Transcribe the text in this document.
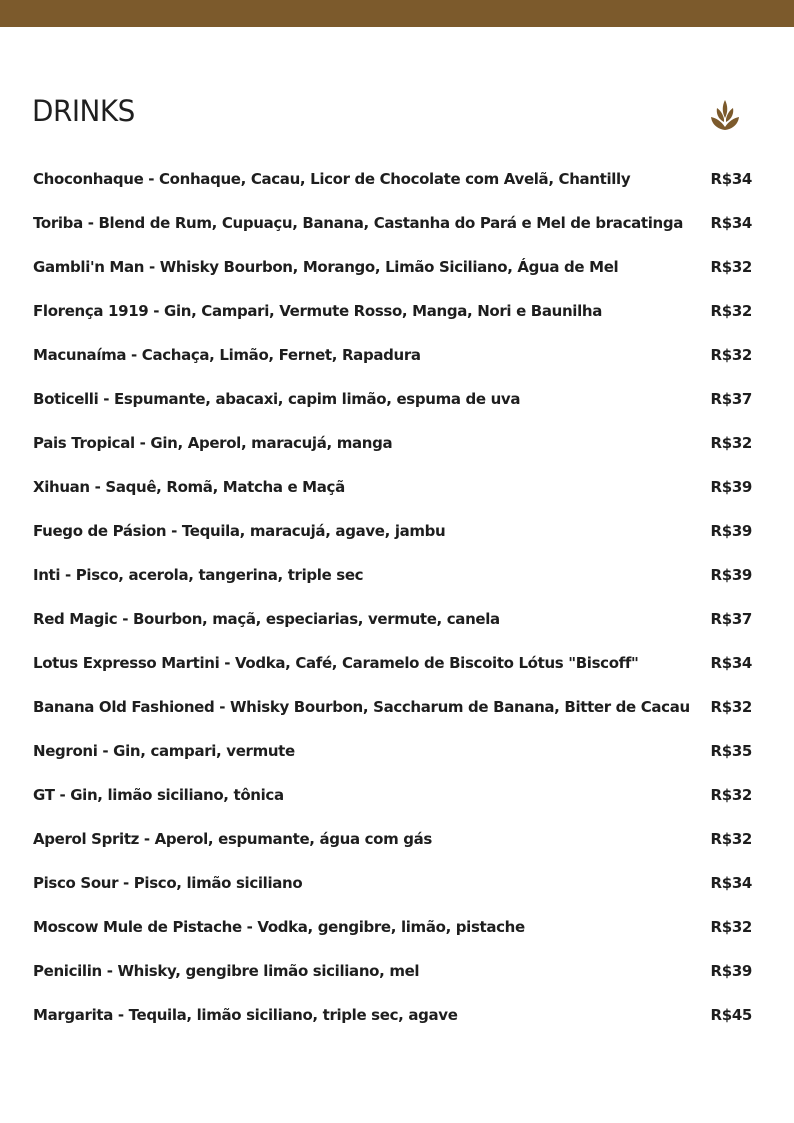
DRINKS
Choconhaque - Conhaque, Cacau, Licor de Chocolate com Avelã, Chantilly	R$34
Toriba - Blend de Rum, Cupuaçu, Banana, Castanha do Pará e Mel de bracatinga	R$34
Gambli'n Man - Whisky Bourbon, Morango, Limão Siciliano, Água de Mel	R$32
Florença 1919 - Gin, Campari, Vermute Rosso, Manga, Nori e Baunilha	R$32
Macunaíma - Cachaça, Limão, Fernet, Rapadura	R$32
Boticelli - Espumante, abacaxi, capim limão, espuma de uva	R$37
Pais Tropical - Gin, Aperol, maracujá, manga	R$32
Xihuan - Saquê, Romã, Matcha e Maçã	R$39
Fuego de Pásion - Tequila, maracujá, agave, jambu	R$39
Inti - Pisco, acerola, tangerina, triple sec	R$39
Red Magic - Bourbon, maçã, especiarias, vermute, canela	R$37
Lotus Expresso Martini - Vodka, Café, Caramelo de Biscoito Lótus "Biscoff"	R$34
Banana Old Fashioned - Whisky Bourbon, Saccharum de Banana, Bitter de Cacau	R$32
Negroni - Gin, campari, vermute	R$35
GT - Gin, limão siciliano, tônica	R$32
Aperol Spritz - Aperol, espumante, água com gás	R$32
Pisco Sour - Pisco, limão siciliano	R$34
Moscow Mule de Pistache - Vodka, gengibre, limão, pistache	R$32
Penicilin - Whisky, gengibre limão siciliano, mel	R$39
Margarita - Tequila, limão siciliano, triple sec, agave	R$45
